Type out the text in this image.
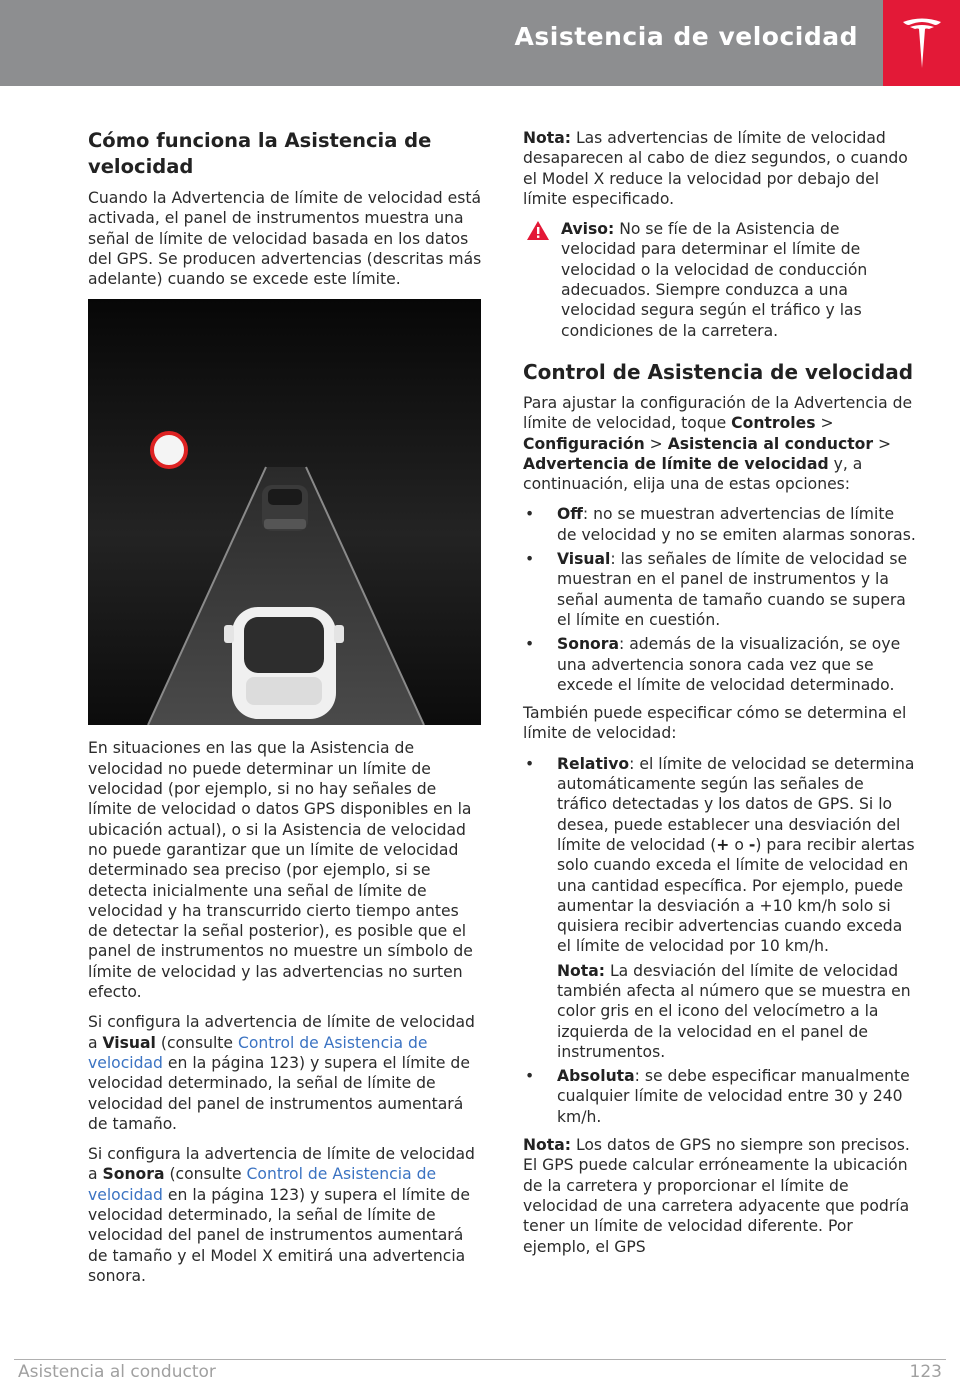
Asistencia de velocidad
Cómo funciona la Asistencia de velocidad

Cuando la Advertencia de límite de velocidad está activada, el panel de instrumentos muestra una señal de límite de velocidad basada en los datos del GPS. Se producen advertencias (descritas más adelante) cuando se excede este límite.

En situaciones en las que la Asistencia de velocidad no puede determinar un límite de velocidad (por ejemplo, si no hay señales de límite de velocidad o datos GPS disponibles en la ubicación actual), o si la Asistencia de velocidad no puede garantizar que un límite de velocidad determinado sea preciso (por ejemplo, si se detecta inicialmente una señal de límite de velocidad y ha transcurrido cierto tiempo antes de detectar la señal posterior), es posible que el panel de instrumentos no muestre un símbolo de límite de velocidad y las advertencias no surten efecto.

Si configura la advertencia de límite de velocidad a Visual (consulte Control de Asistencia de velocidad en la página 123) y supera el límite de velocidad determinado, la señal de límite de velocidad del panel de instrumentos aumentará de tamaño.

Si configura la advertencia de límite de velocidad a Sonora (consulte Control de Asistencia de velocidad en la página 123) y supera el límite de velocidad determinado, la señal de límite de velocidad del panel de instrumentos aumentará de tamaño y el Model X emitirá una advertencia sonora.

Nota: Las advertencias de límite de velocidad desaparecen al cabo de diez segundos, o cuando el Model X reduce la velocidad por debajo del límite especificado.

Aviso: No se fíe de la Asistencia de velocidad para determinar el límite de velocidad o la velocidad de conducción adecuados. Siempre conduzca a una velocidad segura según el tráfico y las condiciones de la carretera.
Control de Asistencia de velocidad

Para ajustar la configuración de la Advertencia de límite de velocidad, toque Controles > Configuración > Asistencia al conductor > Advertencia de límite de velocidad y, a continuación, elija una de estas opciones:

• Off: no se muestran advertencias de límite de velocidad y no se emiten alarmas sonoras.
• Visual: las señales de límite de velocidad se muestran en el panel de instrumentos y la señal aumenta de tamaño cuando se supera el límite en cuestión.
• Sonora: además de la visualización, se oye una advertencia sonora cada vez que se excede el límite de velocidad determinado.

También puede especificar cómo se determina el límite de velocidad:

• Relativo: el límite de velocidad se determina automáticamente según las señales de tráfico detectadas y los datos de GPS. Si lo desea, puede establecer una desviación del límite de velocidad (+ o -) para recibir alertas solo cuando exceda el límite de velocidad en una cantidad específica. Por ejemplo, puede aumentar la desviación a +10 km/h solo si quisiera recibir advertencias cuando exceda el límite de velocidad por 10 km/h.

Nota: La desviación del límite de velocidad también afecta al número que se muestra en color gris en el icono del velocímetro a la izquierda de la velocidad en el panel de instrumentos.

• Absoluta: se debe especificar manualmente cualquier límite de velocidad entre 30 y 240 km/h.

Nota: Los datos de GPS no siempre son precisos. El GPS puede calcular erróneamente la ubicación de la carretera y proporcionar el límite de velocidad de una carretera adyacente que podría tener un límite de velocidad diferente. Por ejemplo, el GPS

Asistencia al conductor	123
